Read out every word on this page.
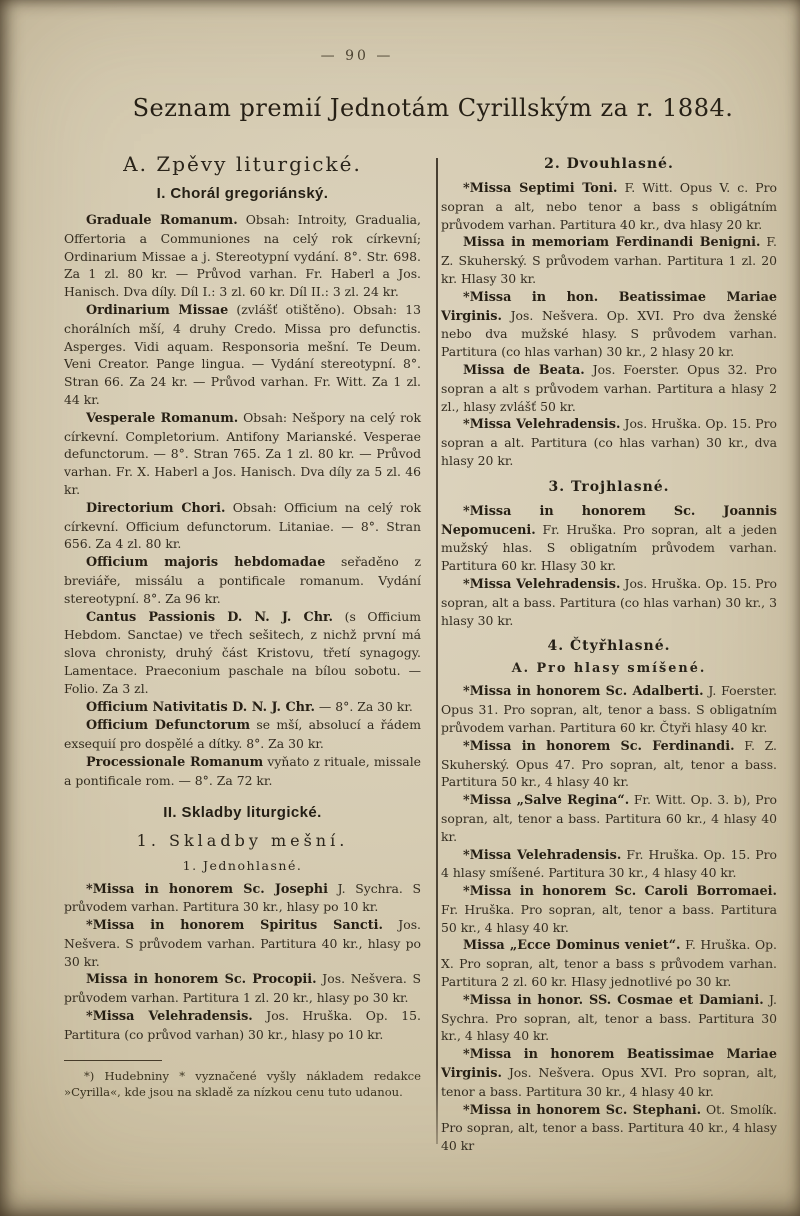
— 90 —
Seznam premií Jednotám Cyrillským za r. 1884.
A. Zpěvy liturgické.
I. Chorál gregoriánský.

Graduale Romanum. Obsah: Introity, Gradualia, Offertoria a Communiones na celý rok církevní; Ordinarium Missae a j. Stereotypní vydání. 8°. Str. 698. Za 1 zl. 80 kr. — Průvod varhan. Fr. Haberl a Jos. Hanisch. Dva díly. Díl I.: 3 zl. 60 kr. Díl II.: 3 zl. 24 kr.

Ordinarium Missae (zvlášť otištěno). Obsah: 13 chorálních mší, 4 druhy Credo. Missa pro defunctis. Asperges. Vidi aquam. Responsoria mešní. Te Deum. Veni Creator. Pange lingua. — Vydání stereotypní. 8°. Stran 66. Za 24 kr. — Průvod varhan. Fr. Witt. Za 1 zl. 44 kr.

Vesperale Romanum. Obsah: Nešpory na celý rok církevní. Completorium. Antifony Marianské. Vesperae defunctorum. — 8°. Stran 765. Za 1 zl. 80 kr. — Průvod varhan. Fr. X. Haberl a Jos. Hanisch. Dva díly za 5 zl. 46 kr.

Directorium Chori. Obsah: Officium na celý rok církevní. Officium defunctorum. Litaniae. — 8°. Stran 656. Za 4 zl. 80 kr.

Officium majoris hebdomadae seřaděno z breviáře, missálu a pontificale romanum. Vydání stereotypní. 8°. Za 96 kr.

Cantus Passionis D. N. J. Chr. (s Officium Hebdom. Sanctae) ve třech sešitech, z nichž první má slova chronisty, druhý část Kristovu, třetí synagogy. Lamentace. Praeconium paschale na bílou sobotu. — Folio. Za 3 zl.

Officium Nativitatis D. N. J. Chr. — 8°. Za 30 kr.

Officium Defunctorum se mší, absolucí a řádem exsequií pro dospělé a dítky. 8°. Za 30 kr.

Processionale Romanum vyňato z rituale, missale a pontificale rom. — 8°. Za 72 kr.

II. Skladby liturgické.
1. Skladby mešní.
1. Jednohlasné.

*Missa in honorem Sc. Josephi J. Sychra. S průvodem varhan. Partitura 30 kr., hlasy po 10 kr.

*Missa in honorem Spiritus Sancti. Jos. Nešvera. S průvodem varhan. Partitura 40 kr., hlasy po 30 kr.

Missa in honorem Sc. Procopii. Jos. Nešvera. S průvodem varhan. Partitura 1 zl. 20 kr., hlasy po 30 kr.

*Missa Velehradensis. Jos. Hruška. Op. 15. Partitura (co průvod varhan) 30 kr., hlasy po 10 kr.

*) Hudebniny * vyznačené vyšly nákladem redakce »Cyrilla«, kde jsou na skladě za nízkou cenu tuto udanou.

2. Dvouhlasné.

*Missa Septimi Toni. F. Witt. Opus V. c. Pro sopran a alt, nebo tenor a bass s obligátním průvodem varhan. Partitura 40 kr., dva hlasy 20 kr.

Missa in memoriam Ferdinandi Benigni. F. Z. Skuherský. S průvodem varhan. Partitura 1 zl. 20 kr. Hlasy 30 kr.

*Missa in hon. Beatissimae Mariae Virginis. Jos. Nešvera. Op. XVI. Pro dva ženské nebo dva mužské hlasy. S průvodem varhan. Partitura (co hlas varhan) 30 kr., 2 hlasy 20 kr.

Missa de Beata. Jos. Foerster. Opus 32. Pro sopran a alt s průvodem varhan. Partitura a hlasy 2 zl., hlasy zvlášť 50 kr.

*Missa Velehradensis. Jos. Hruška. Op. 15. Pro sopran a alt. Partitura (co hlas varhan) 30 kr., dva hlasy 20 kr.

3. Trojhlasné.

*Missa in honorem Sc. Joannis Nepomuceni. Fr. Hruška. Pro sopran, alt a jeden mužský hlas. S obligatním průvodem varhan. Partitura 60 kr. Hlasy 30 kr.

*Missa Velehradensis. Jos. Hruška. Op. 15. Pro sopran, alt a bass. Partitura (co hlas varhan) 30 kr., 3 hlasy 30 kr.

4. Čtyřhlasné.
A. Pro hlasy smíšené.

*Missa in honorem Sc. Adalberti. J. Foerster. Opus 31. Pro sopran, alt, tenor a bass. S obligatním průvodem varhan. Partitura 60 kr. Čtyři hlasy 40 kr.

*Missa in honorem Sc. Ferdinandi. F. Z. Skuherský. Opus 47. Pro sopran, alt, tenor a bass. Partitura 50 kr., 4 hlasy 40 kr.

*Missa „Salve Regina“. Fr. Witt. Op. 3. b), Pro sopran, alt, tenor a bass. Partitura 60 kr., 4 hlasy 40 kr.

*Missa Velehradensis. Fr. Hruška. Op. 15. Pro 4 hlasy smíšené. Partitura 30 kr., 4 hlasy 40 kr.

*Missa in honorem Sc. Caroli Borromaei. Fr. Hruška. Pro sopran, alt, tenor a bass. Partitura 50 kr., 4 hlasy 40 kr.

Missa „Ecce Dominus veniet“. F. Hruška. Op. X. Pro sopran, alt, tenor a bass s průvodem varhan. Partitura 2 zl. 60 kr. Hlasy jednotlivé po 30 kr.

*Missa in honor. SS. Cosmae et Damiani. J. Sychra. Pro sopran, alt, tenor a bass. Partitura 30 kr., 4 hlasy 40 kr.

*Missa in honorem Beatissimae Mariae Virginis. Jos. Nešvera. Opus XVI. Pro sopran, alt, tenor a bass. Partitura 30 kr., 4 hlasy 40 kr.

*Missa in honorem Sc. Stephani. Ot. Smolík. Pro sopran, alt, tenor a bass. Partitura 40 kr., 4 hlasy 40 kr
